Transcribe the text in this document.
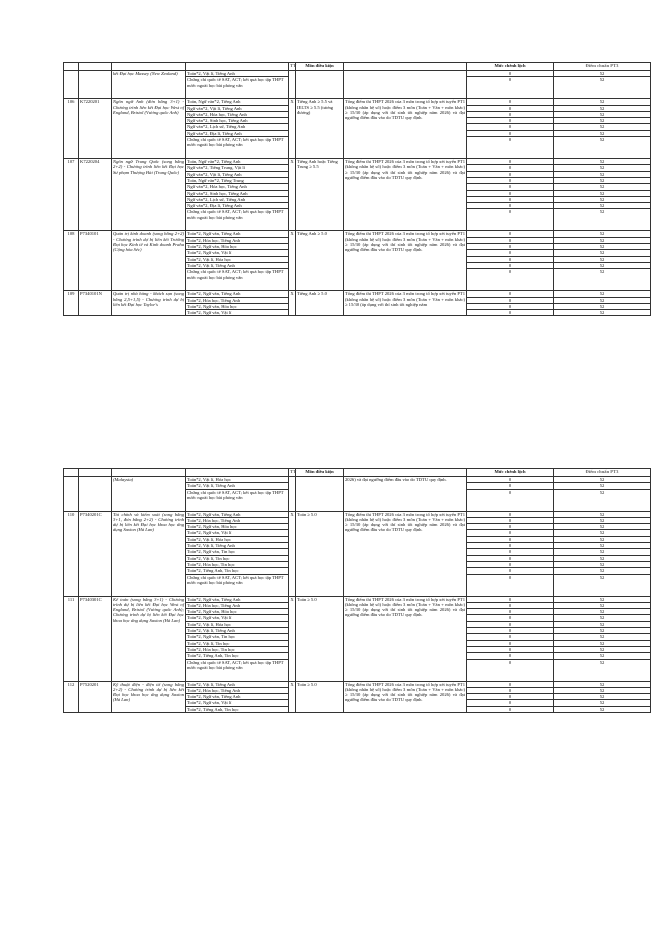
				TT	Môn điều kiện		Mức chênh lệch	Điểm chuẩn PT3
		kết Đại học Massey (New Zealand)	Toán*2, Vật lí, Tiếng Anh				0	52
			Chứng chỉ quốc tế SAT, ACT; kết quả học tập THPT nước ngoài học bài phỏng vấn				0	52
106	K7220201	Ngôn ngữ Anh (đơn bằng 3+1) - Chương trình liên kết Đại học West of England, Bristol (Vương quốc Anh)	Toán, Ngữ văn*2, Tiếng Anh	X	Tiếng Anh ≥ 5.5 và IELTS ≥ 5.5 (tương đương)	Tổng điểm thi THPT 2026 của 3 môn trong tổ hợp xét tuyển PT1 (không nhân hệ số) hoặc điểm 3 môn (Toán + Văn + môn khác) ≥ 15/30 (áp dụng với thí sinh tốt nghiệp năm 2026) và đạt ngưỡng điểm đầu vào do TDTU quy định.	0	52
			Ngữ văn*2, Vật lí, Tiếng Anh				0	52
			Ngữ văn*2, Hóa học, Tiếng Anh				0	52
			Ngữ văn*2, Sinh học, Tiếng Anh				0	52
			Ngữ văn*2, Lịch sử, Tiếng Anh				0	52
			Ngữ văn*2, Địa lí, Tiếng Anh				0	52
			Chứng chỉ quốc tế SAT, ACT; kết quả học tập THPT nước ngoài học bài phỏng vấn				0	52
107	K7220204	Ngôn ngữ Trung Quốc (song bằng 2+2) - Chương trình liên kết Đại học Sư phạm Thượng Hải (Trung Quốc)	Toán, Ngữ văn*2, Tiếng Anh	X	Tiếng Anh hoặc Tiếng Trung ≥ 5.5	Tổng điểm thi THPT 2026 của 3 môn trong tổ hợp xét tuyển PT1 (không nhân hệ số) hoặc điểm 3 môn (Toán + Văn + môn khác) ≥ 15/30 (áp dụng với thí sinh tốt nghiệp năm 2026) và đạt ngưỡng điểm đầu vào do TDTU quy định.	0	52
			Ngữ văn*2, Tiếng Trung, Vật lí				0	52
			Ngữ văn*2, Vật lí, Tiếng Anh				0	52
			Toán, Ngữ văn*2, Tiếng Trung				0	52
			Ngữ văn*2, Hóa học, Tiếng Anh				0	52
			Ngữ văn*2, Sinh học, Tiếng Anh				0	52
			Ngữ văn*2, Lịch sử, Tiếng Anh				0	52
			Ngữ văn*2, Địa lí, Tiếng Anh				0	52
			Chứng chỉ quốc tế SAT, ACT; kết quả học tập THPT nước ngoài học bài phỏng vấn				0	52
108	P7340101	Quản trị kinh doanh (song bằng 2+2) - Chương trình dự bị liên kết Trường Đại học Kinh tế và Kinh doanh Praha (Cộng hòa Séc)	Toán*2, Ngữ văn, Tiếng Anh	X	Tiếng Anh ≥ 5.0	Tổng điểm thi THPT 2026 của 3 môn trong tổ hợp xét tuyển PT1 (không nhân hệ số) hoặc điểm 3 môn (Toán + Văn + môn khác) ≥ 15/30 (áp dụng với thí sinh tốt nghiệp năm 2026) và đạt ngưỡng điểm đầu vào do TDTU quy định.	0	52
			Toán*2, Hóa học, Tiếng Anh				0	52
			Toán*2, Ngữ văn, Hóa học				0	52
			Toán*2, Ngữ văn, Vật lí				0	52
			Toán*2, Vật lí, Hóa học				0	52
			Toán*2, Vật lí, Tiếng Anh				0	52
			Chứng chỉ quốc tế SAT, ACT; kết quả học tập THPT nước ngoài học bài phỏng vấn				0	52
109	P7340101N	Quản trị nhà hàng - khách sạn (song bằng 2,5+1,5) - Chương trình dự bị liên kết Đại học Taylor's	Toán*2, Ngữ văn, Tiếng Anh	X	Tiếng Anh ≥ 5.0	Tổng điểm thi THPT 2026 của 3 môn trong tổ hợp xét tuyển PT1 (không nhân hệ số) hoặc điểm 3 môn (Toán + Văn + môn khác) ≥ 15/30 (áp dụng với thí sinh tốt nghiệp năm	0	52
			Toán*2, Hóa học, Tiếng Anh				0	52
			Toán*2, Ngữ văn, Hóa học				0	52
			Toán*2, Ngữ văn, Vật lí				0	52
				TT	Môn điều kiện		Mức chênh lệch	Điểm chuẩn PT3
		(Malaysia)	Toán*2, Vật lí, Hóa học			2026) và đạt ngưỡng điểm đầu vào do TDTU quy định.	0	52
			Toán*2, Vật lí, Tiếng Anh				0	52
			Chứng chỉ quốc tế SAT, ACT; kết quả học tập THPT nước ngoài học bài phỏng vấn				0	52
110	P7340201C	Tài chính và kiểm soát (song bằng 3+1, đơn bằng 2+2) - Chương trình dự bị liên kết Đại học khoa học ứng dụng Saxion (Hà Lan)	Toán*2, Ngữ văn, Tiếng Anh	X	Toán ≥ 5.0	Tổng điểm thi THPT 2026 của 3 môn trong tổ hợp xét tuyển PT1 (không nhân hệ số) hoặc điểm 3 môn (Toán + Văn + môn khác) ≥ 15/30 (áp dụng với thí sinh tốt nghiệp năm 2026) và đạt ngưỡng điểm đầu vào do TDTU quy định.	0	52
			Toán*2, Hóa học, Tiếng Anh				0	52
			Toán*2, Ngữ văn, Hóa học				0	52
			Toán*2, Ngữ văn, Vật lí				0	52
			Toán*2, Vật lí, Hóa học				0	52
			Toán*2, Vật lí, Tiếng Anh				0	52
			Toán*2, Ngữ văn, Tin học				0	52
			Toán*2, Vật lí, Tin học				0	52
			Toán*2, Hóa học, Tin học				0	52
			Toán*2, Tiếng Anh, Tin học				0	52
			Chứng chỉ quốc tế SAT, ACT; kết quả học tập THPT nước ngoài học bài phỏng vấn				0	52
111	P7340301C	Kế toán (song bằng 3+1) - Chương trình dự bị liên kết Đại học West of England, Bristol (Vương quốc Anh); Chương trình dự bị liên kết Đại học khoa học ứng dụng Saxion (Hà Lan)	Toán*2, Ngữ văn, Tiếng Anh	X	Toán ≥ 5.0	Tổng điểm thi THPT 2026 của 3 môn trong tổ hợp xét tuyển PT1 (không nhân hệ số) hoặc điểm 3 môn (Toán + Văn + môn khác) ≥ 15/30 (áp dụng với thí sinh tốt nghiệp năm 2026) và đạt ngưỡng điểm đầu vào do TDTU quy định.	0	52
			Toán*2, Hóa học, Tiếng Anh				0	52
			Toán*2, Ngữ văn, Hóa học				0	52
			Toán*2, Ngữ văn, Vật lí				0	52
			Toán*2, Vật lí, Hóa học				0	52
			Toán*2, Vật lí, Tiếng Anh				0	52
			Toán*2, Ngữ văn, Tin học				0	52
			Toán*2, Vật lí, Tin học				0	52
			Toán*2, Hóa học, Tin học				0	52
			Toán*2, Tiếng Anh, Tin học				0	52
			Chứng chỉ quốc tế SAT, ACT; kết quả học tập THPT nước ngoài học bài phỏng vấn				0	52
112	P7520201	Kỹ thuật điện - điện tử (song bằng 2+2) - Chương trình dự bị liên kết Đại học khoa học ứng dụng Saxion (Hà Lan)	Toán*2, Vật lí, Tiếng Anh	X	Toán ≥ 5.0	Tổng điểm thi THPT 2026 của 3 môn trong tổ hợp xét tuyển PT1 (không nhân hệ số) hoặc điểm 3 môn (Toán + Văn + môn khác) ≥ 15/30 (áp dụng với thí sinh tốt nghiệp năm 2026) và đạt ngưỡng điểm đầu vào do TDTU quy định.	0	52
			Toán*2, Hóa học, Tiếng Anh				0	52
			Toán*2, Ngữ văn, Tiếng Anh				0	52
			Toán*2, Ngữ văn, Vật lí				0	52
			Toán*2, Tiếng Anh, Tin học				0	52
